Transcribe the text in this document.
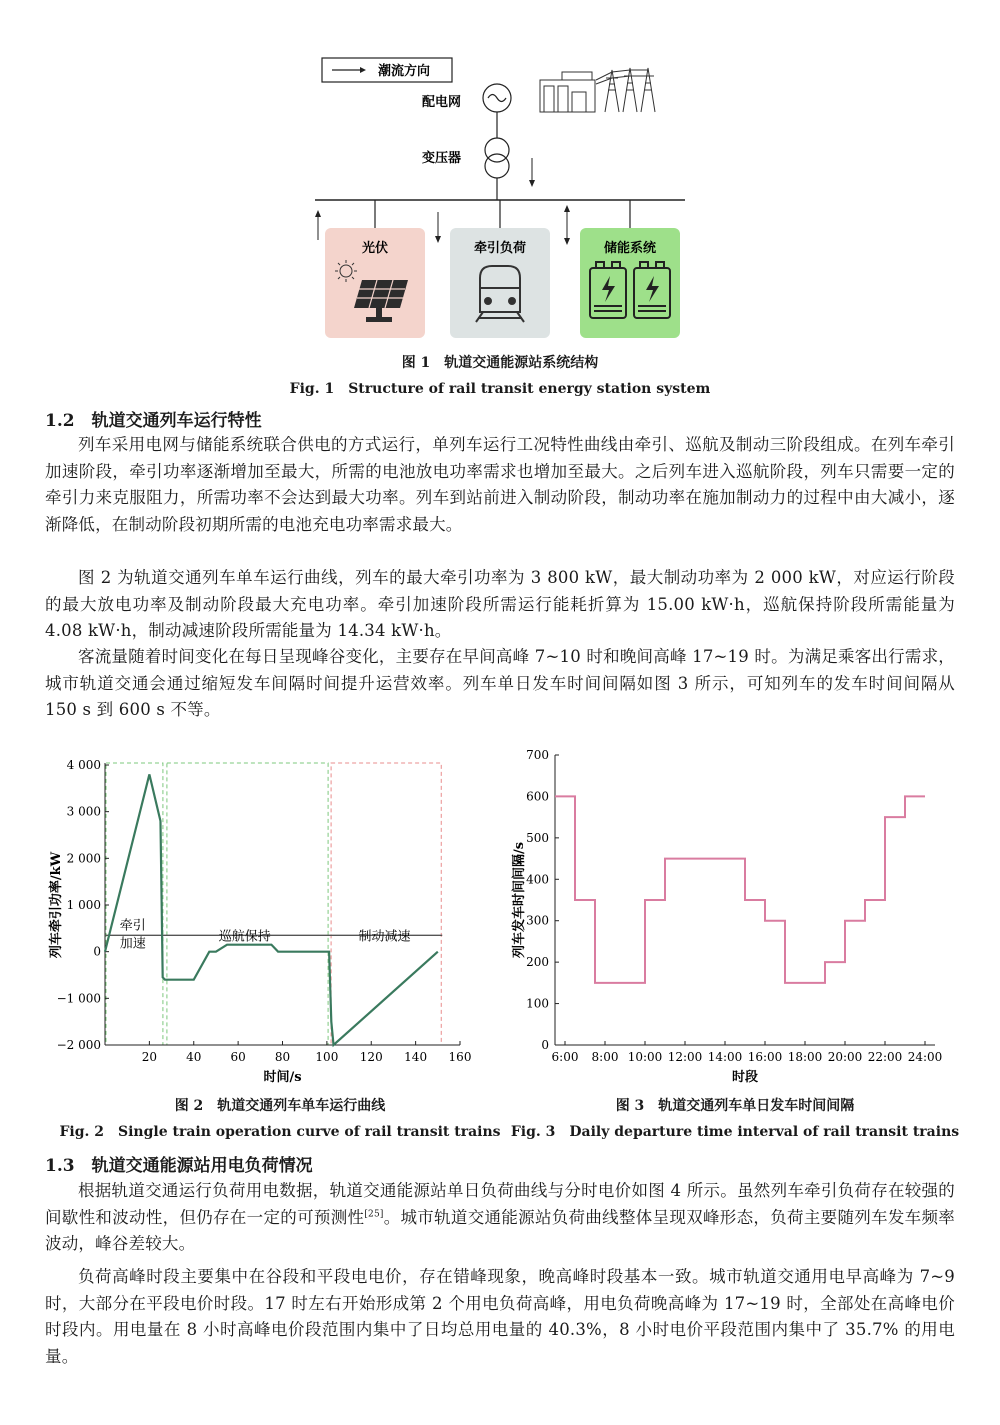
潮流方向
配电网
变压器
光伏	牵引负荷	储能系统
图 1　轨道交通能源站系统结构
Fig. 1　Structure of rail transit energy station system
1.2　轨道交通列车运行特性
列车采用电网与储能系统联合供电的方式运行，单列车运行工况特性曲线由牵引、巡航及制动三阶段组成。在列车牵引加速阶段，牵引功率逐渐增加至最大，所需的电池放电功率需求也增加至最大。之后列车进入巡航阶段，列车只需要一定的牵引力来克服阻力，所需功率不会达到最大功率。列车到站前进入制动阶段，制动功率在施加制动力的过程中由大减小，逐渐降低，在制动阶段初期所需的电池充电功率需求最大。
图 2 为轨道交通列车单车运行曲线，列车的最大牵引功率为 3 800 kW，最大制动功率为 2 000 kW，对应运行阶段的最大放电功率及制动阶段最大充电功率。牵引加速阶段所需运行能耗折算为 15.00 kW·h，巡航保持阶段所需能量为 4.08 kW·h，制动减速阶段所需能量为 14.34 kW·h。
客流量随着时间变化在每日呈现峰谷变化，主要存在早间高峰 7~10 时和晚间高峰 17~19 时。为满足乘客出行需求，城市轨道交通会通过缩短发车间隔时间提升运营效率。列车单日发车时间间隔如图 3 所示，可知列车的发车时间间隔从 150 s 到 600 s 不等。
4 000
3 000
2 000
1 000
0
−1 000
−2 000
20 40 60 80 100 120 140 160
时间/s
列车牵引功率/kW	牵引
加速	巡航保持	制动减速
图 2　轨道交通列车单车运行曲线
Fig. 2　Single train operation curve of rail transit trains
700
600
500
400
300
200
100
0
6:00 8:00 10:00 12:00 14:00 16:00 18:00 20:00 22:00 24:00
时段
列车发车时间间隔/s
图 3　轨道交通列车单日发车时间间隔
Fig. 3　Daily departure time interval of rail transit trains
1.3　轨道交通能源站用电负荷情况
根据轨道交通运行负荷用电数据，轨道交通能源站单日负荷曲线与分时电价如图 4 所示。虽然列车牵引负荷存在较强的间歇性和波动性，但仍存在一定的可预测性[25]。城市轨道交通能源站负荷曲线整体呈现双峰形态，负荷主要随列车发车频率波动，峰谷差较大。
负荷高峰时段主要集中在谷段和平段电电价，存在错峰现象，晚高峰时段基本一致。城市轨道交通用电早高峰为 7~9 时，大部分在平段电价时段。17 时左右开始形成第 2 个用电负荷高峰，用电负荷晚高峰为 17~19 时，全部处在高峰电价时段内。用电量在 8 小时高峰电价段范围内集中了日均总用电量的 40.3%，8 小时电价平段范围内集中了 35.7% 的用电量。
